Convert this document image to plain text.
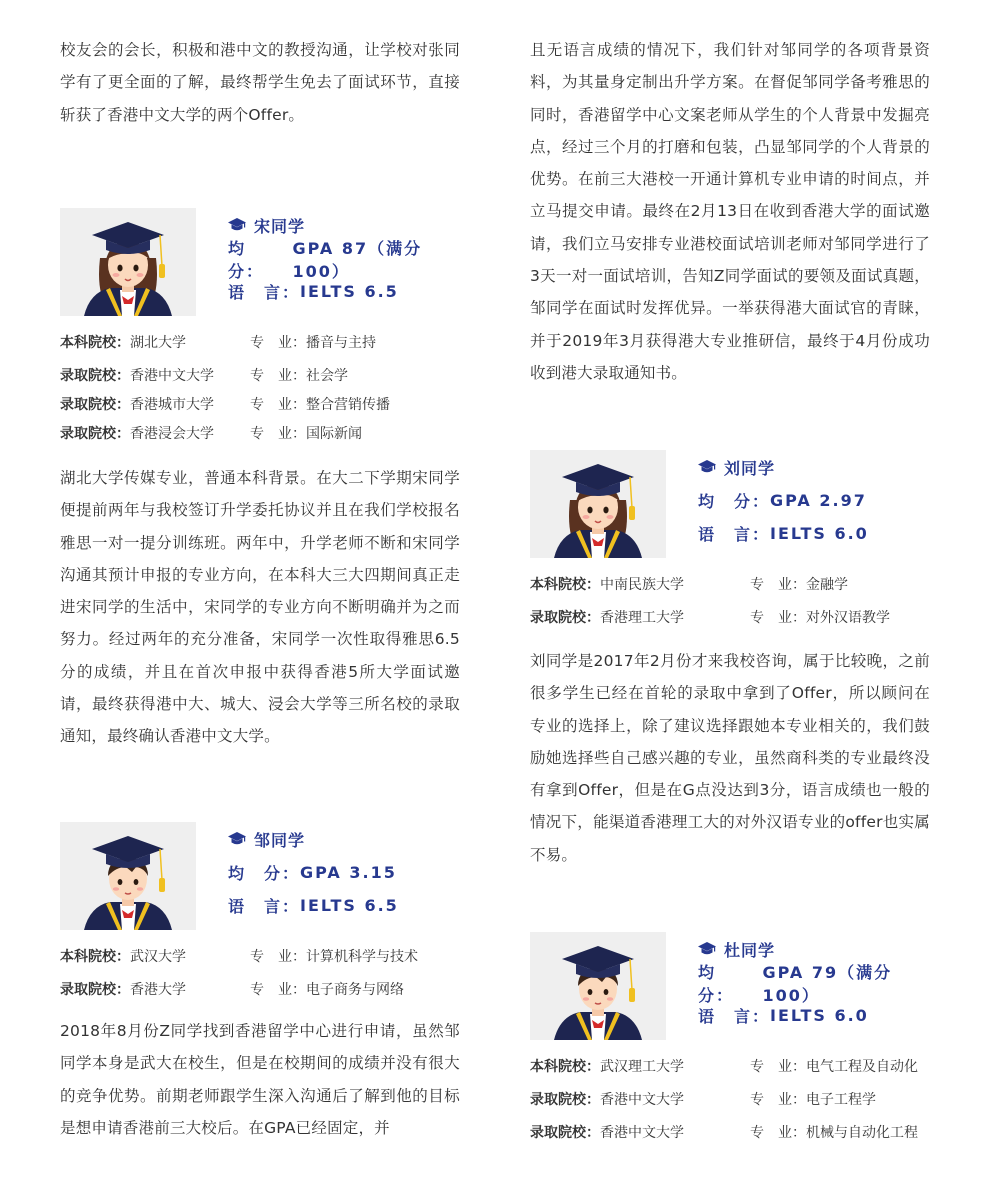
校友会的会长，积极和港中文的教授沟通，让学校对张同学有了更全面的了解，最终帮学生免去了面试环节，直接斩获了香港中文大学的两个Offer。

宋同学
均　分：
GPA 87（满分100）
语　言： IELTS 6.5
本科院校：湖北大学	专　业：播音与主持
录取院校：香港中文大学	专　业：社会学
录取院校：香港城市大学	专　业：整合营销传播
录取院校：香港浸会大学	专　业：国际新闻

湖北大学传媒专业，普通本科背景。在大二下学期宋同学便提前两年与我校签订升学委托协议并且在我们学校报名雅思一对一提分训练班。两年中，升学老师不断和宋同学沟通其预计申报的专业方向，在本科大三大四期间真正走进宋同学的生活中，宋同学的专业方向不断明确并为之而努力。经过两年的充分准备，宋同学一次性取得雅思6.5分的成绩，并且在首次申报中获得香港5所大学面试邀请，最终获得港中大、城大、浸会大学等三所名校的录取通知，最终确认香港中文大学。

邹同学
均　分： GPA 3.15
语　言： IELTS 6.5
本科院校：武汉大学	专　业：计算机科学与技术
录取院校：香港大学	专　业：电子商务与网络

2018年8月份Z同学找到香港留学中心进行申请，虽然邹同学本身是武大在校生，但是在校期间的成绩并没有很大的竞争优势。前期老师跟学生深入沟通后了解到他的目标是想申请香港前三大校后。在GPA已经固定，并

且无语言成绩的情况下，我们针对邹同学的各项背景资料，为其量身定制出升学方案。在督促邹同学备考雅思的同时，香港留学中心文案老师从学生的个人背景中发掘亮点，经过三个月的打磨和包装，凸显邹同学的个人背景的优势。在前三大港校一开通计算机专业申请的时间点，并立马提交申请。最终在2月13日在收到香港大学的面试邀请，我们立马安排专业港校面试培训老师对邹同学进行了3天一对一面试培训，告知Z同学面试的要领及面试真题，邹同学在面试时发挥优异。一举获得港大面试官的青睐，并于2019年3月获得港大专业推研信，最终于4月份成功收到港大录取通知书。

刘同学
均　分： GPA 2.97
语　言： IELTS 6.0
本科院校：中南民族大学	专　业：金融学
录取院校：香港理工大学	专　业：对外汉语教学

刘同学是2017年2月份才来我校咨询，属于比较晚，之前很多学生已经在首轮的录取中拿到了Offer，所以顾问在专业的选择上，除了建议选择跟她本专业相关的，我们鼓励她选择些自己感兴趣的专业，虽然商科类的专业最终没有拿到Offer，但是在G点没达到3分，语言成绩也一般的情况下，能渠道香港理工大的对外汉语专业的offer也实属不易。

杜同学
均　分：
GPA 79（满分100）
语　言： IELTS 6.0
本科院校：武汉理工大学	专　业：电气工程及自动化
录取院校：香港中文大学	专　业：电子工程学
录取院校：香港中文大学	专　业：机械与自动化工程
